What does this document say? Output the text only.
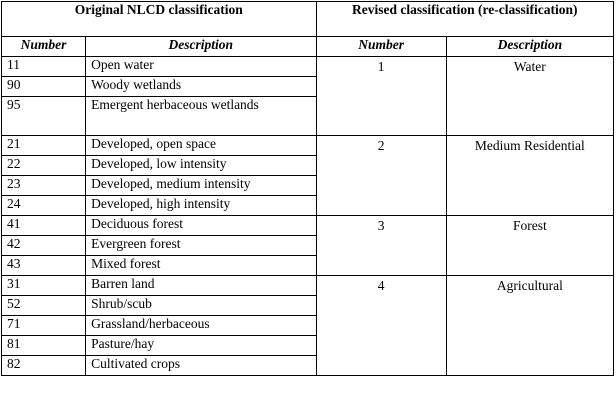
Original NLCD classification		Revised classification (re-classification)	
Number	Description	Number	Description
11	Open water	1	Water
90	Woody wetlands		
95	Emergent herbaceous wetlands		
21	Developed, open space	2	Medium Residential
22	Developed, low intensity		
23	Developed, medium intensity		
24	Developed, high intensity		
41	Deciduous forest	3	Forest
42	Evergreen forest		
43	Mixed forest		
31	Barren land	4	Agricultural
52	Shrub/scub		
71	Grassland/herbaceous		
81	Pasture/hay		
82	Cultivated crops		
